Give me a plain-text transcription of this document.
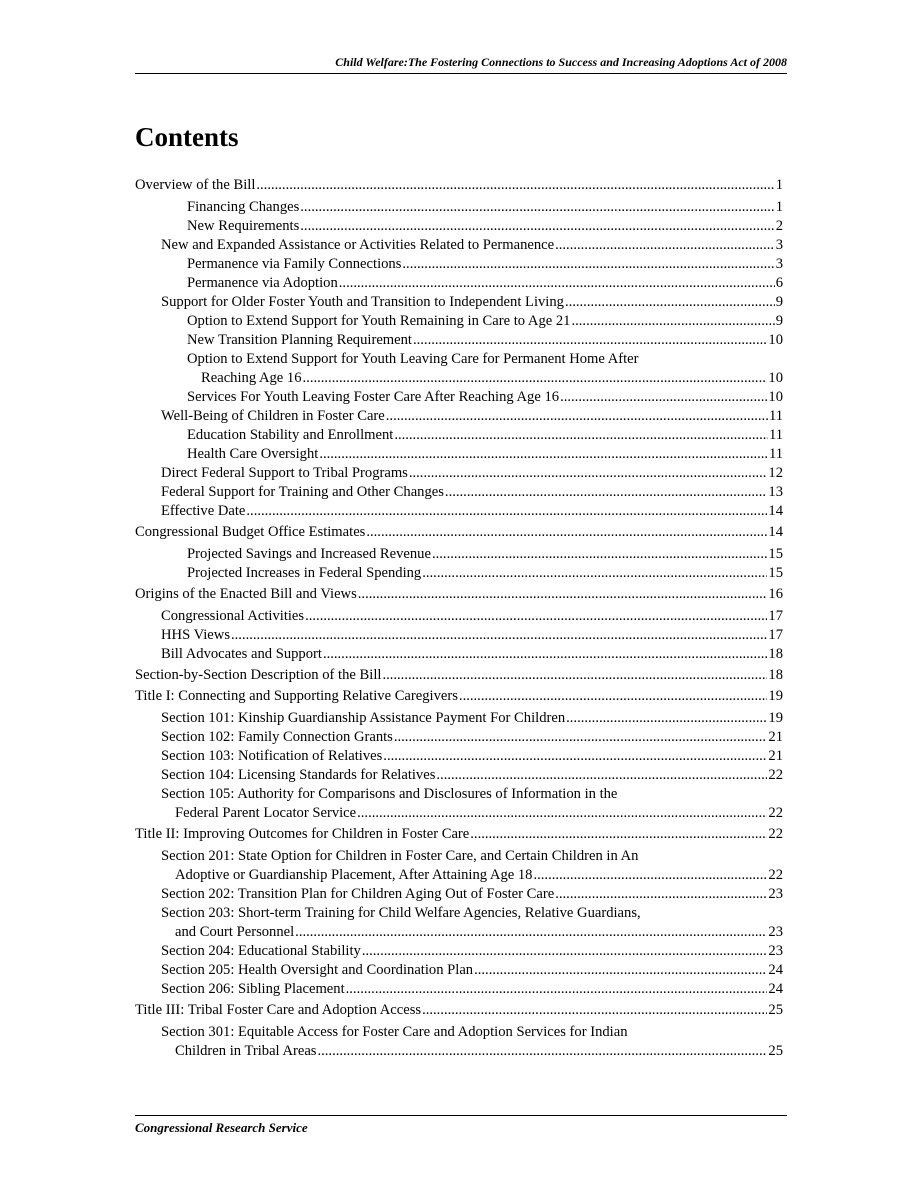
Child Welfare:The Fostering Connections to Success and Increasing Adoptions Act of 2008
Contents
Overview of the Bill .....	1
Financing Changes .....	1
New Requirements .....	2
New and Expanded Assistance or Activities Related to Permanence .....	3
Permanence via Family Connections .....	3
Permanence via Adoption .....	6
Support for Older Foster Youth and Transition to Independent Living .....	9
Option to Extend Support for Youth Remaining in Care to Age 21 .....	9
New Transition Planning Requirement .....	10
Option to Extend Support for Youth Leaving Care for Permanent Home After
Reaching Age 16 .....	10
Services For Youth Leaving Foster Care After Reaching Age 16 .....	10
Well-Being of Children in Foster Care .....	11
Education Stability and Enrollment .....	11
Health Care Oversight .....	11
Direct Federal Support to Tribal Programs .....	12
Federal Support for Training and Other Changes .....	13
Effective Date .....	14
Congressional Budget Office Estimates .....	14
Projected Savings and Increased Revenue .....	15
Projected Increases in Federal Spending .....	15
Origins of the Enacted Bill and Views .....	16
Congressional Activities .....	17
HHS Views .....	17
Bill Advocates and Support .....	18
Section-by-Section Description of the Bill .....	18
Title I: Connecting and Supporting Relative Caregivers .....	19
Section 101: Kinship Guardianship Assistance Payment For Children .....	19
Section 102: Family Connection Grants .....	21
Section 103: Notification of Relatives .....	21
Section 104: Licensing Standards for Relatives .....	22
Section 105: Authority for Comparisons and Disclosures of Information in the
Federal Parent Locator Service .....	22
Title II: Improving Outcomes for Children in Foster Care .....	22
Section 201: State Option for Children in Foster Care, and Certain Children in An
Adoptive or Guardianship Placement, After Attaining Age 18 .....	22
Section 202: Transition Plan for Children Aging Out of Foster Care .....	23
Section 203: Short-term Training for Child Welfare Agencies, Relative Guardians,
and Court Personnel .....	23
Section 204: Educational Stability .....	23
Section 205: Health Oversight and Coordination Plan .....	24
Section 206: Sibling Placement .....	24
Title III: Tribal Foster Care and Adoption Access .....	25
Section 301: Equitable Access for Foster Care and Adoption Services for Indian
Children in Tribal Areas .....	25
Congressional Research Service
